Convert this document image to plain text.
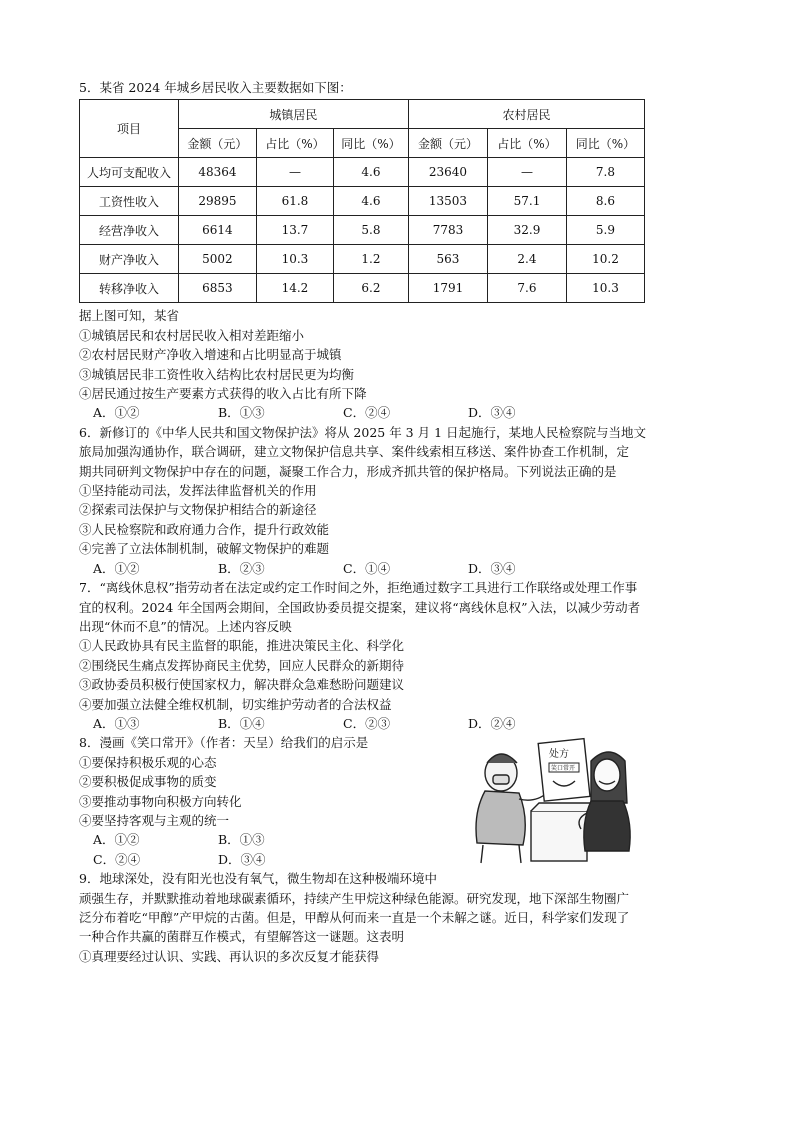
5．某省 2024 年城乡居民收入主要数据如下图：
项目	城镇居民			农村居民		
	金额（元）	占比（%）	同比（%）	金额（元）	占比（%）	同比（%）
人均可支配收入	48364	—	4.6	23640	—	7.8
工资性收入	29895	61.8	4.6	13503	57.1	8.6
经营净收入	6614	13.7	5.8	7783	32.9	5.9
财产净收入	5002	10.3	1.2	563	2.4	10.2
转移净收入	6853	14.2	6.2	1791	7.6	10.3
据上图可知，某省
①城镇居民和农村居民收入相对差距缩小
②农村居民财产净收入增速和占比明显高于城镇
③城镇居民非工资性收入结构比农村居民更为均衡
④居民通过按生产要素方式获得的收入占比有所下降
A．①②	B．①③	C．②④	D．③④
6．新修订的《中华人民共和国文物保护法》将从 2025 年 3 月 1 日起施行，某地人民检察院与当地文
旅局加强沟通协作，联合调研，建立文物保护信息共享、案件线索相互移送、案件协查工作机制，定
期共同研判文物保护中存在的问题，凝聚工作合力，形成齐抓共管的保护格局。下列说法正确的是
①坚持能动司法，发挥法律监督机关的作用
②探索司法保护与文物保护相结合的新途径
③人民检察院和政府通力合作，提升行政效能
④完善了立法体制机制，破解文物保护的难题
A．①②	B．②③	C．①④	D．③④
7．“离线休息权”指劳动者在法定或约定工作时间之外，拒绝通过数字工具进行工作联络或处理工作事
宜的权利。2024 年全国两会期间，全国政协委员提交提案，建议将“离线休息权”入法，以减少劳动者
出现“休而不息”的情况。上述内容反映
①人民政协具有民主监督的职能，推进决策民主化、科学化
②围绕民生痛点发挥协商民主优势，回应人民群众的新期待
③政协委员积极行使国家权力，解决群众急难愁盼问题建议
④要加强立法健全维权机制，切实维护劳动者的合法权益
A．①③	B．①④	C．②③	D．②④
8．漫画《笑口常开》（作者：天呈）给我们的启示是
①要保持积极乐观的心态
②要积极促成事物的质变
③要推动事物向积极方向转化
④要坚持客观与主观的统一
A．①②	B．①③
C．②④	D．③④
9．地球深处，没有阳光也没有氧气，微生物却在这种极端环境中
顽强生存，并默默推动着地球碳素循环，持续产生甲烷这种绿色能源。研究发现，地下深部生物圈广
泛分布着吃“甲醇”产甲烷的古菌。但是，甲醇从何而来一直是一个未解之谜。近日，科学家们发现了
一种合作共赢的菌群互作模式，有望解答这一谜题。这表明
①真理要经过认识、实践、再认识的多次反复才能获得
处方
笑口常开
